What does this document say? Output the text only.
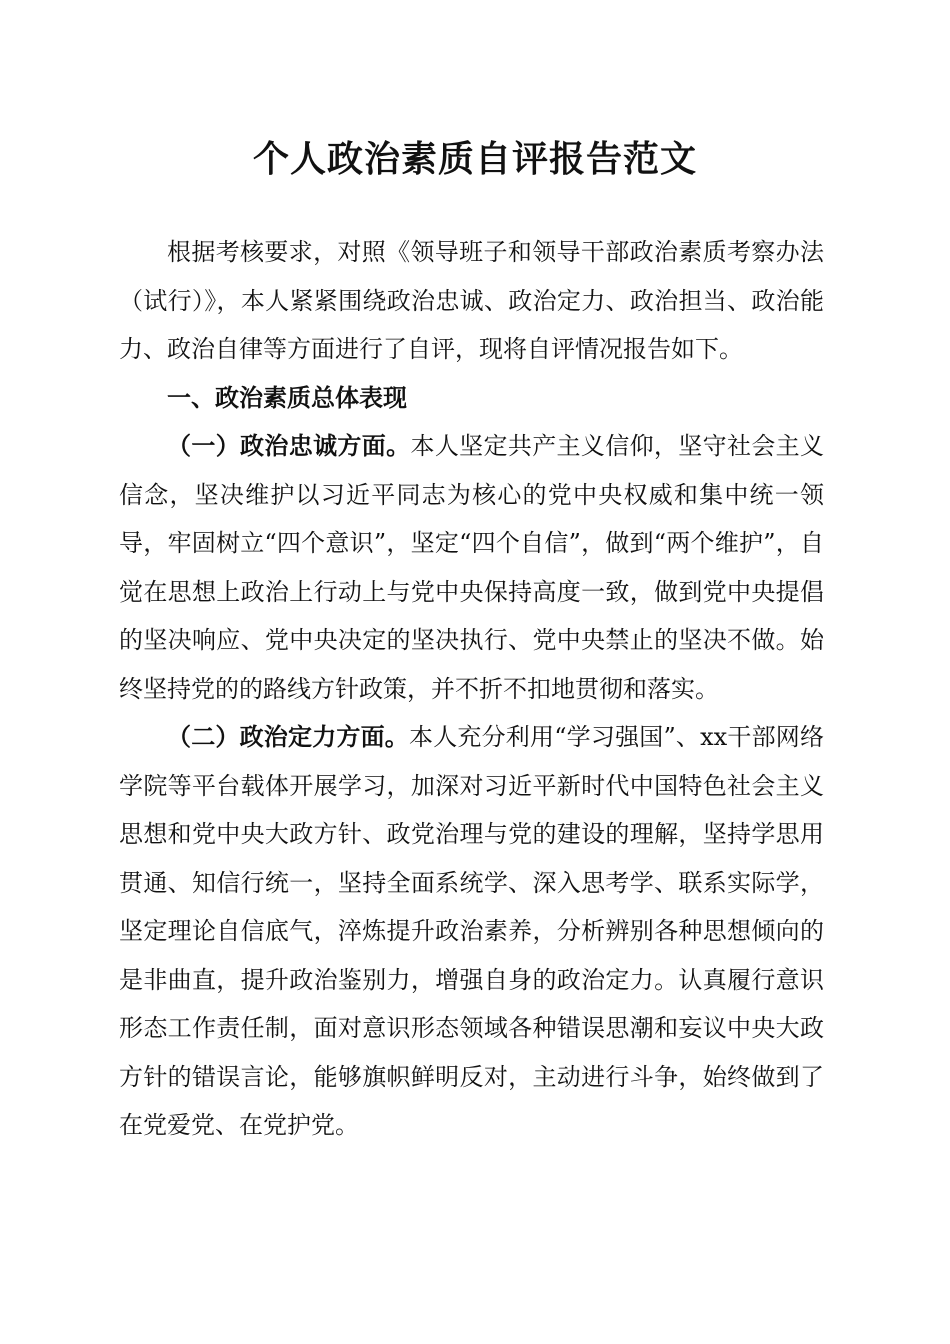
个人政治素质自评报告范文

根据考核要求，对照《领导班子和领导干部政治素质考察办法（试行）》，本人紧紧围绕政治忠诚、政治定力、政治担当、政治能力、政治自律等方面进行了自评，现将自评情况报告如下。

一、政治素质总体表现

（一）政治忠诚方面。本人坚定共产主义信仰，坚守社会主义信念，坚决维护以习近平同志为核心的党中央权威和集中统一领导，牢固树立“四个意识”，坚定“四个自信”，做到“两个维护”，自觉在思想上政治上行动上与党中央保持高度一致，做到党中央提倡的坚决响应、党中央决定的坚决执行、党中央禁止的坚决不做。始终坚持党的的路线方针政策，并不折不扣地贯彻和落实。

（二）政治定力方面。本人充分利用“学习强国”、xx干部网络学院等平台载体开展学习，加深对习近平新时代中国特色社会主义思想和党中央大政方针、政党治理与党的建设的理解，坚持学思用贯通、知信行统一，坚持全面系统学、深入思考学、联系实际学，坚定理论自信底气，淬炼提升政治素养，分析辨别各种思想倾向的是非曲直，提升政治鉴别力，增强自身的政治定力。认真履行意识形态工作责任制，面对意识形态领域各种错误思潮和妄议中央大政方针的错误言论，能够旗帜鲜明反对，主动进行斗争，始终做到了在党爱党、在党护党。
